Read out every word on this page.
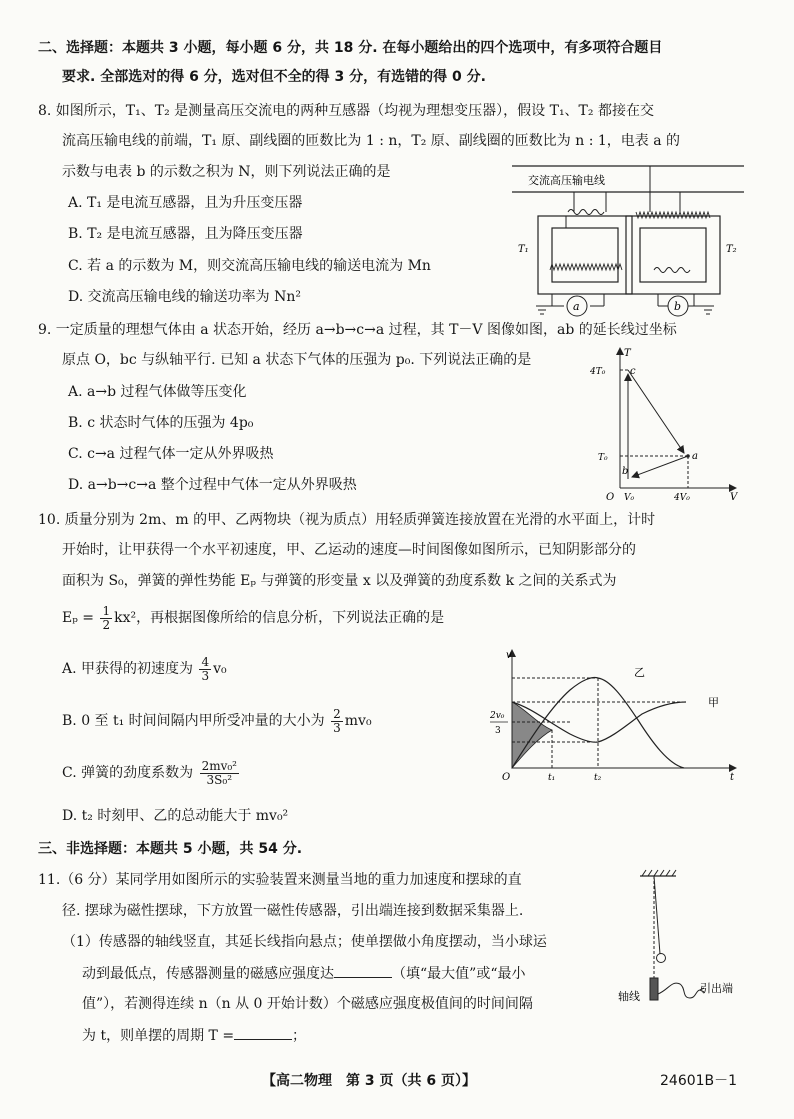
二、选择题：本题共 3 小题，每小题 6 分，共 18 分. 在每小题给出的四个选项中，有多项符合题目
要求. 全部选对的得 6 分，选对但不全的得 3 分，有选错的得 0 分.
8. 如图所示，T₁、T₂ 是测量高压交流电的两种互感器（均视为理想变压器），假设 T₁、T₂ 都接在交
流高压输电线的前端，T₁ 原、副线圈的匝数比为 1 : n，T₂ 原、副线圈的匝数比为 n : 1，电表 a 的
示数与电表 b 的示数之积为 N，则下列说法正确的是
A. T₁ 是电流互感器，且为升压变压器
B. T₂ 是电流互感器，且为降压变压器
C. 若 a 的示数为 M，则交流高压输电线的输送电流为 Mn
D. 交流高压输电线的输送功率为 Nn²
交流高压输电线
T₁
a
T₂
b
9. 一定质量的理想气体由 a 状态开始，经历 a→b→c→a 过程，其 T－V 图像如图，ab 的延长线过坐标
原点 O，bc 与纵轴平行. 已知 a 状态下气体的压强为 p₀. 下列说法正确的是
A. a→b 过程气体做等压变化
B. c 状态时气体的压强为 4p₀
C. c→a 过程气体一定从外界吸热
D. a→b→c→a 整个过程中气体一定从外界吸热
T
V
O
4T₀
T₀
V₀	4V₀
a
b
c
10. 质量分别为 2m、m 的甲、乙两物块（视为质点）用轻质弹簧连接放置在光滑的水平面上，计时
开始时，让甲获得一个水平初速度，甲、乙运动的速度—时间图像如图所示，已知阴影部分的
面积为 S₀，弹簧的弹性势能 Eₚ 与弹簧的形变量 x 以及弹簧的劲度系数 k 之间的关系式为
$E_p = \frac{1}{2} kx^2$，再根据图像所给的信息分析，下列说法正确的是
A. 甲获得的初速度为 $\frac{4}{3} v_0$
B. 0 至 t₁ 时间间隔内甲所受冲量的大小为 $\frac{2}{3} mv_0$
C. 弹簧的劲度系数为 $\frac{\text{2mv₀²}}{\text{3S₀²}}$
D. t₂ 时刻甲、乙的总动能大于 mv₀²
v
t
O
2v₀
3
t₁	t₂
乙
甲
三、非选择题：本题共 5 小题，共 54 分.
11.（6 分）某同学用如图所示的实验装置来测量当地的重力加速度和摆球的直
径. 摆球为磁性摆球，下方放置一磁性传感器，引出端连接到数据采集器上.
（1）传感器的轴线竖直，其延长线指向悬点；使单摆做小角度摆动，当小球运
动到最低点，传感器测量的磁感应强度达	（填“最大值”或“最小
值”），若测得连续 n（n 从 0 开始计数）个磁感应强度极值间的时间间隔
为 t，则单摆的周期 T =	；
轴线
引出端
【高二物理　第 3 页（共 6 页）】	24601B－1
